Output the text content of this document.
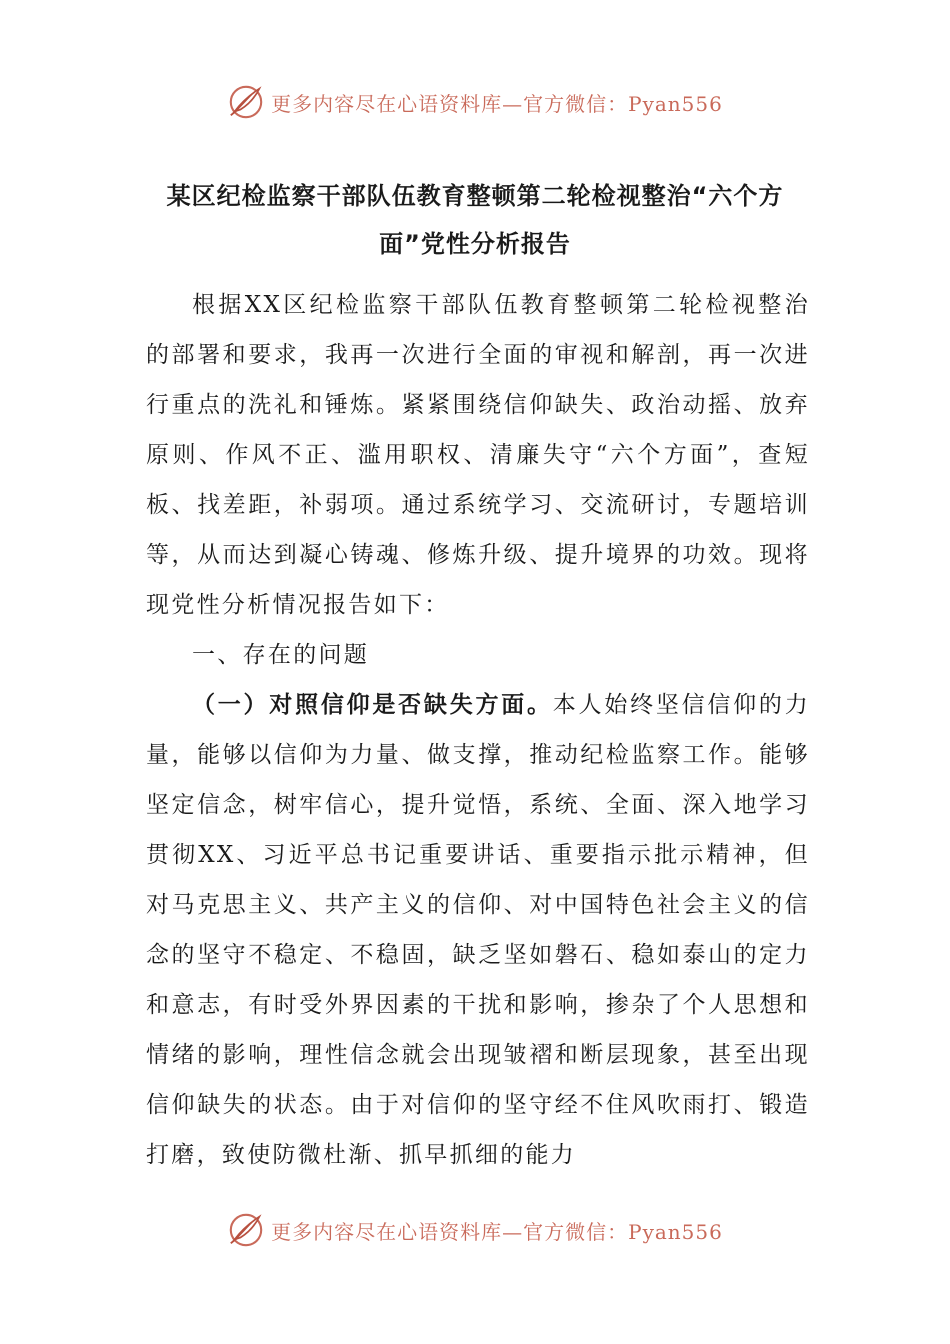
更多内容尽在心语资料库—官方微信：Pyan556
某区纪检监察干部队伍教育整顿第二轮检视整治“六个方面”党性分析报告

根据XX区纪检监察干部队伍教育整顿第二轮检视整治的部署和要求，我再一次进行全面的审视和解剖，再一次进行重点的洗礼和锤炼。紧紧围绕信仰缺失、政治动摇、放弃原则、作风不正、滥用职权、清廉失守“六个方面”，查短板、找差距，补弱项。通过系统学习、交流研讨，专题培训等，从而达到凝心铸魂、修炼升级、提升境界的功效。现将现党性分析情况报告如下：

一、存在的问题

（一）对照信仰是否缺失方面。本人始终坚信信仰的力量，能够以信仰为力量、做支撑，推动纪检监察工作。能够坚定信念，树牢信心，提升觉悟，系统、全面、深入地学习贯彻XX、习近平总书记重要讲话、重要指示批示精神，但对马克思主义、共产主义的信仰、对中国特色社会主义的信念的坚守不稳定、不稳固，缺乏坚如磐石、稳如泰山的定力和意志，有时受外界因素的干扰和影响，掺杂了个人思想和情绪的影响，理性信念就会出现皱褶和断层现象，甚至出现信仰缺失的状态。由于对信仰的坚守经不住风吹雨打、锻造打磨，致使防微杜渐、抓早抓细的能力

更多内容尽在心语资料库—官方微信：Pyan556
